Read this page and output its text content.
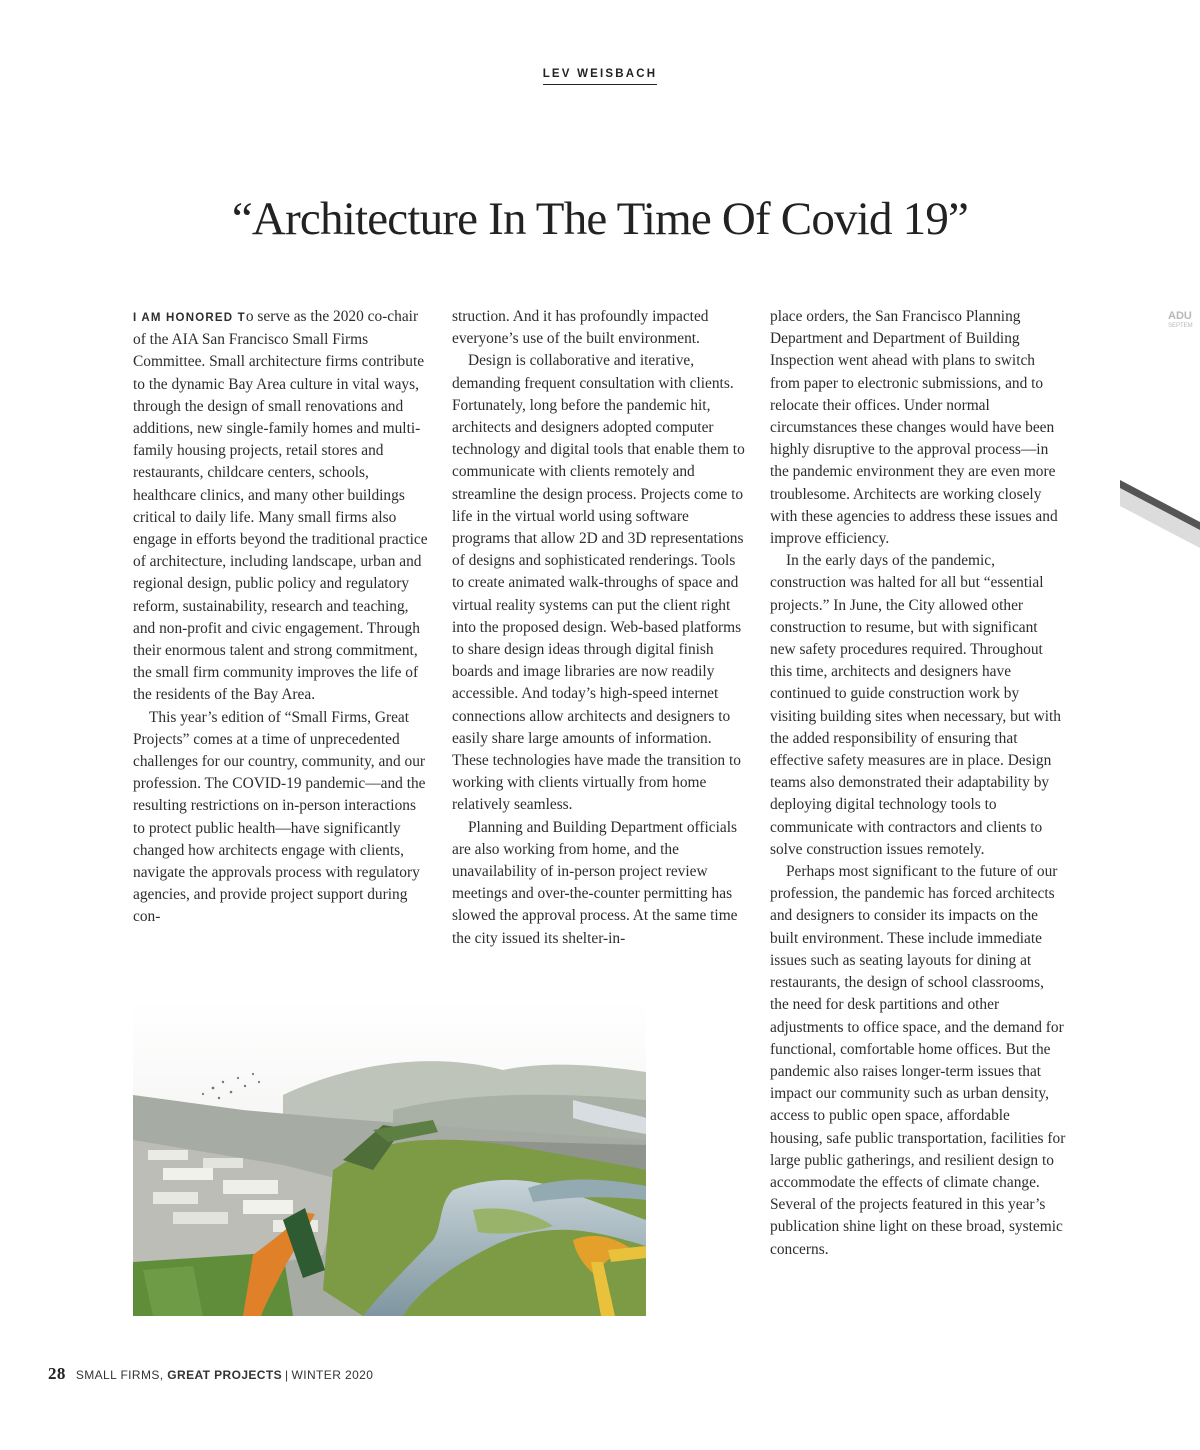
LEV WEISBACH
“Architecture In The Time Of Covid 19”

I AM HONORED To serve as the 2020 co-chair of the AIA San Francisco Small Firms Committee. Small architecture firms contribute to the dynamic Bay Area culture in vital ways, through the design of small renovations and additions, new single-family homes and multi-family housing projects, retail stores and restaurants, childcare centers, schools, healthcare clinics, and many other buildings critical to daily life. Many small firms also engage in efforts beyond the traditional practice of architecture, including landscape, urban and regional design, public policy and regulatory reform, sustainability, research and teaching, and non-profit and civic engagement. Through their enormous talent and strong commitment, the small firm community improves the life of the residents of the Bay Area.

This year’s edition of “Small Firms, Great Projects” comes at a time of unprecedented challenges for our country, community, and our profession. The COVID-19 pandemic—and the resulting restrictions on in-person interactions to protect public health—have significantly changed how architects engage with clients, navigate the approvals process with regulatory agencies, and provide project support during con-

struction. And it has profoundly impacted everyone’s use of the built environment.

Design is collaborative and iterative, demanding frequent consultation with clients. Fortunately, long before the pandemic hit, architects and designers adopted computer technology and digital tools that enable them to communicate with clients remotely and streamline the design process. Projects come to life in the virtual world using software programs that allow 2D and 3D representations of designs and sophisticated renderings. Tools to create animated walk-throughs of space and virtual reality systems can put the client right into the proposed design. Web-based platforms to share design ideas through digital finish boards and image libraries are now readily accessible. And today’s high-speed internet connections allow architects and designers to easily share large amounts of information. These technologies have made the transition to working with clients virtually from home relatively seamless.

Planning and Building Department officials are also working from home, and the unavailability of in-person project review meetings and over-the-counter permitting has slowed the approval process. At the same time the city issued its shelter-in-

place orders, the San Francisco Planning Department and Department of Building Inspection went ahead with plans to switch from paper to electronic submissions, and to relocate their offices. Under normal circumstances these changes would have been highly disruptive to the approval process—in the pandemic environment they are even more troublesome. Architects are working closely with these agencies to address these issues and improve efficiency.

In the early days of the pandemic, construction was halted for all but “essential projects.” In June, the City allowed other construction to resume, but with significant new safety procedures required. Throughout this time, architects and designers have continued to guide construction work by visiting building sites when necessary, but with the added responsibility of ensuring that effective safety measures are in place. Design teams also demonstrated their adaptability by deploying digital technology tools to communicate with contractors and clients to solve construction issues remotely.

Perhaps most significant to the future of our profession, the pandemic has forced architects and designers to consider its impacts on the built environment. These include immediate issues such as seating layouts for dining at restaurants, the design of school classrooms, the need for desk partitions and other adjustments to office space, and the demand for functional, comfortable home offices. But the pandemic also raises longer-term issues that impact our community such as urban density, access to public open space, affordable housing, safe public transportation, facilities for large public gatherings, and resilient design to accommodate the effects of climate change. Several of the projects featured in this year’s publication shine light on these broad, systemic concerns.

28 SMALL FIRMS, GREAT PROJECTS | WINTER 2020
ADU
SEPTEM
